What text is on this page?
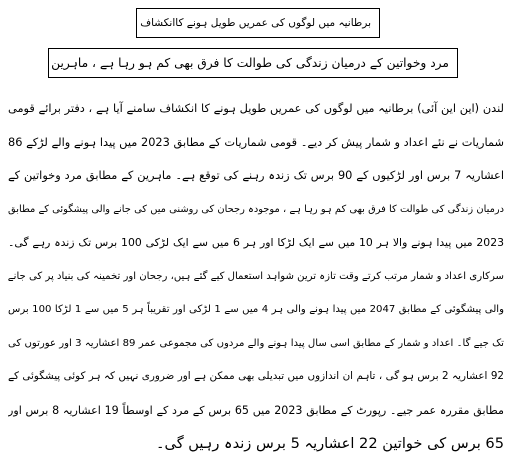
برطانیہ میں لوگوں کی عمریں طویل ہونے کاانکشاف
مرد وخواتین کے درمیان زندگی کی طوالت کا فرق بھی کم ہو رہا ہے ، ماہرین
لندن (این این آئی) برطانیہ میں لوگوں کی عمریں طویل ہونے کا انکشاف سامنے آیا ہے ، دفتر برائے قومی
شماریات نے نئے اعداد و شمار پیش کر دیے۔ قومی شماریات کے مطابق 2023 میں پیدا ہونے والے لڑکے 86
اعشاریہ 7 برس اور لڑکیوں کے 90 برس تک زندہ رہنے کی توقع ہے۔ ماہرین کے مطابق مرد وخواتین کے
درمیان زندگی کی طوالت کا فرق بھی کم ہو رہا ہے ، موجودہ رجحان کی روشنی میں کی جانے والی پیشگوئی کے مطابق
2023 میں پیدا ہونے والا ہر 10 میں سے ایک لڑکا اور ہر 6 میں سے ایک لڑکی 100 برس تک زندہ رہے گی۔
سرکاری اعداد و شمار مرتب کرتے وقت تازہ ترین شواہد استعمال کیے گئے ہیں، رجحان اور تخمینہ کی بنیاد پر کی جانے
والی پیشگوئی کے مطابق 2047 میں پیدا ہونے والی ہر 4 میں سے 1 لڑکی اور تقریباً ہر 5 میں سے 1 لڑکا 100 برس
تک جیے گا۔ اعداد و شمار کے مطابق اسی سال پیدا ہونے والے مردوں کی مجموعی عمر 89 اعشاریہ 3 اور عورتوں کی
92 اعشاریہ 2 برس ہو گی ، تاہم ان اندازوں میں تبدیلی بھی ممکن ہے اور ضروری نہیں کہ ہر کوئی پیشگوئی کے
مطابق مقررہ عمر جیے۔ رپورٹ کے مطابق 2023 میں 65 برس کے مرد کے اوسطاً 19 اعشاریہ 8 برس اور
65 برس کی خواتین 22 اعشاریہ 5 برس زندہ رہیں گی۔
